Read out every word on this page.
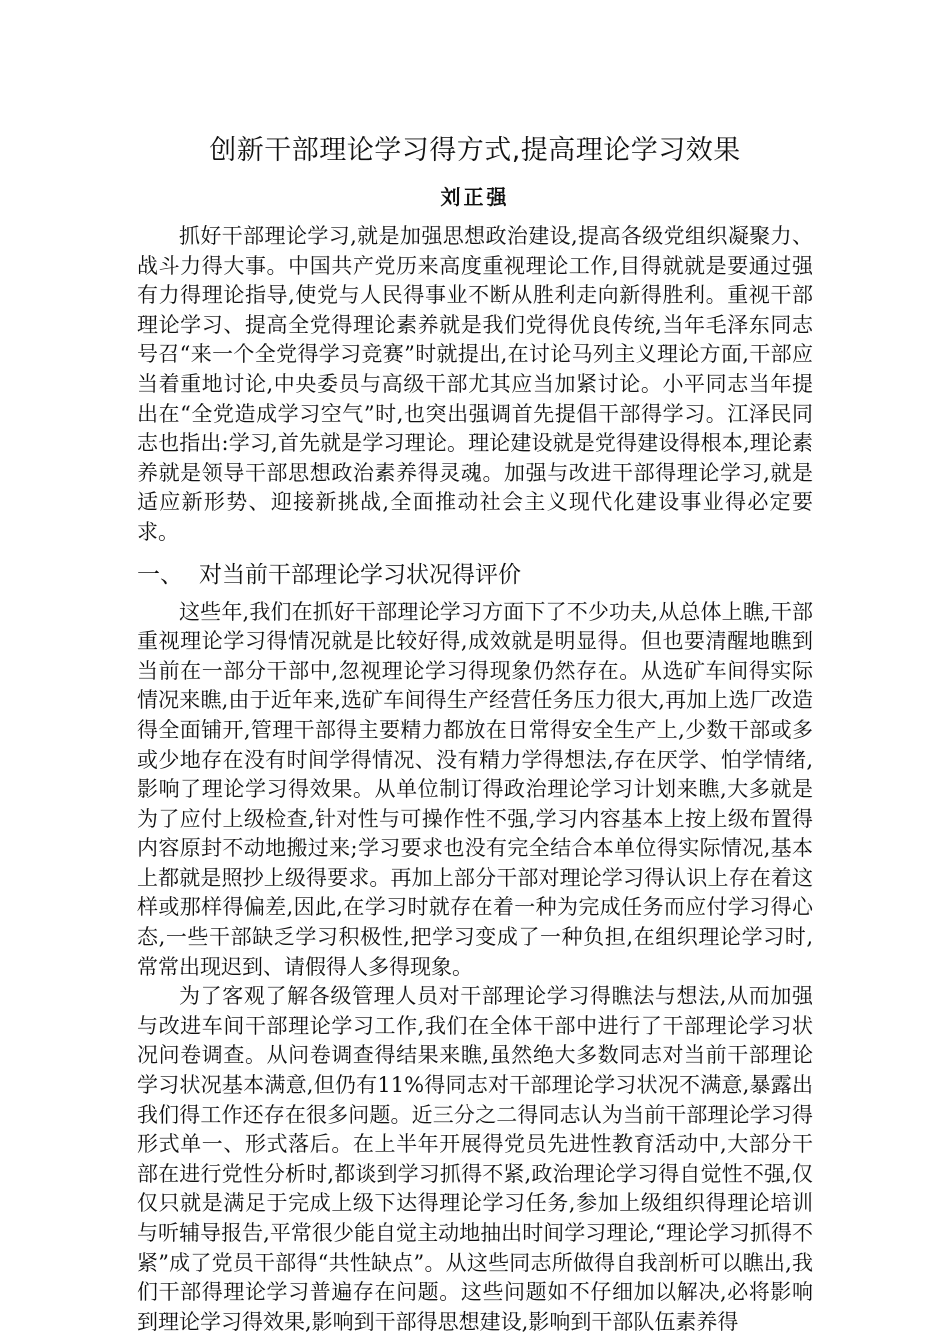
创新干部理论学习得方式,提高理论学习效果
刘正强

抓好干部理论学习,就是加强思想政治建设,提高各级党组织凝聚力、战斗力得大事。中国共产党历来高度重视理论工作,目得就就是要通过强有力得理论指导,使党与人民得事业不断从胜利走向新得胜利。重视干部理论学习、提高全党得理论素养就是我们党得优良传统,当年毛泽东同志号召“来一个全党得学习竞赛”时就提出,在讨论马列主义理论方面,干部应当着重地讨论,中央委员与高级干部尤其应当加紧讨论。小平同志当年提出在“全党造成学习空气”时,也突出强调首先提倡干部得学习。江泽民同志也指出:学习,首先就是学习理论。理论建设就是党得建设得根本,理论素养就是领导干部思想政治素养得灵魂。加强与改进干部得理论学习,就是适应新形势、迎接新挑战,全面推动社会主义现代化建设事业得必定要求。

一、 对当前干部理论学习状况得评价

这些年,我们在抓好干部理论学习方面下了不少功夫,从总体上瞧,干部重视理论学习得情况就是比较好得,成效就是明显得。但也要清醒地瞧到当前在一部分干部中,忽视理论学习得现象仍然存在。从选矿车间得实际情况来瞧,由于近年来,选矿车间得生产经营任务压力很大,再加上选厂改造得全面铺开,管理干部得主要精力都放在日常得安全生产上,少数干部或多或少地存在没有时间学得情况、没有精力学得想法,存在厌学、怕学情绪,影响了理论学习得效果。从单位制订得政治理论学习计划来瞧,大多就是为了应付上级检查,针对性与可操作性不强,学习内容基本上按上级布置得内容原封不动地搬过来;学习要求也没有完全结合本单位得实际情况,基本上都就是照抄上级得要求。再加上部分干部对理论学习得认识上存在着这样或那样得偏差,因此,在学习时就存在着一种为完成任务而应付学习得心态,一些干部缺乏学习积极性,把学习变成了一种负担,在组织理论学习时,常常出现迟到、请假得人多得现象。

为了客观了解各级管理人员对干部理论学习得瞧法与想法,从而加强与改进车间干部理论学习工作,我们在全体干部中进行了干部理论学习状况问卷调查。从问卷调查得结果来瞧,虽然绝大多数同志对当前干部理论学习状况基本满意,但仍有11%得同志对干部理论学习状况不满意,暴露出我们得工作还存在很多问题。近三分之二得同志认为当前干部理论学习得形式单一、形式落后。在上半年开展得党员先进性教育活动中,大部分干部在进行党性分析时,都谈到学习抓得不紧,政治理论学习得自觉性不强,仅仅只就是满足于完成上级下达得理论学习任务,参加上级组织得理论培训与听辅导报告,平常很少能自觉主动地抽出时间学习理论,“理论学习抓得不紧”成了党员干部得“共性缺点”。从这些同志所做得自我剖析可以瞧出,我们干部得理论学习普遍存在问题。这些问题如不仔细加以解决,必将影响到理论学习得效果,影响到干部得思想建设,影响到干部队伍素养得
